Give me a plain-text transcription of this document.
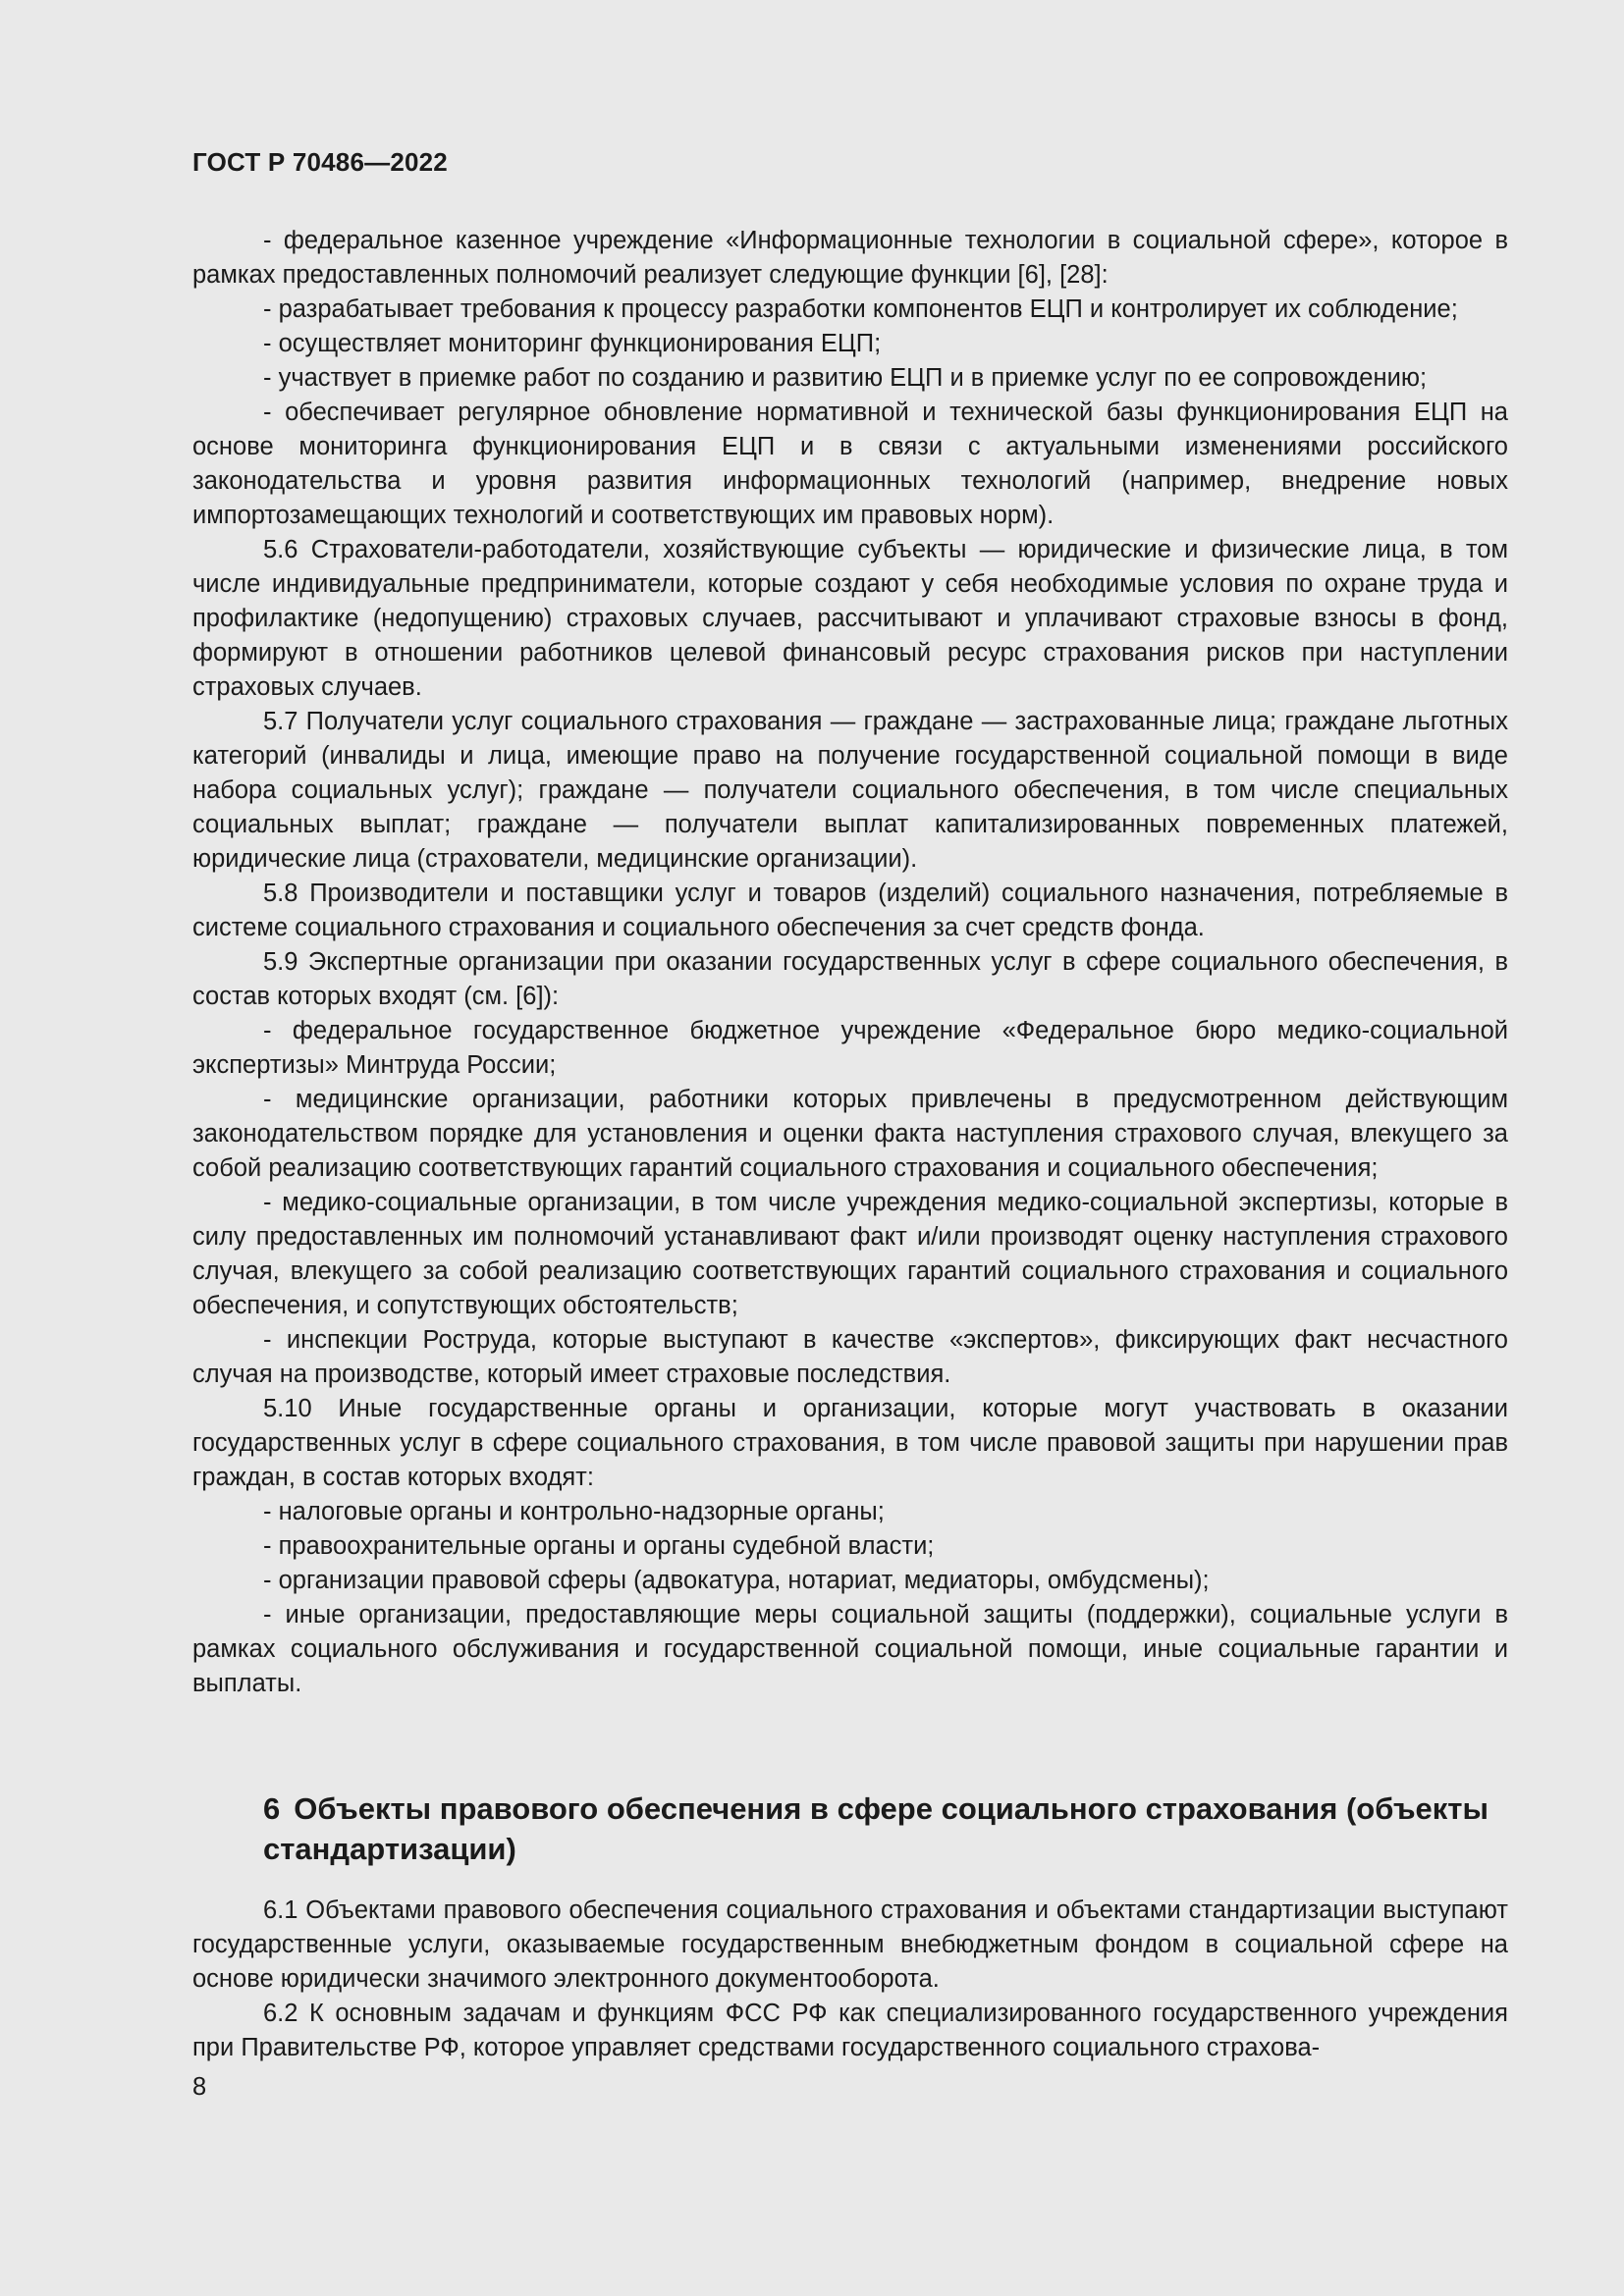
ГОСТ Р 70486—2022

- федеральное казенное учреждение «Информационные технологии в социальной сфере», которое в рамках предоставленных полномочий реализует следующие функции [6], [28]:

- разрабатывает требования к процессу разработки компонентов ЕЦП и контролирует их соблюдение;

- осуществляет мониторинг функционирования ЕЦП;

- участвует в приемке работ по созданию и развитию ЕЦП и в приемке услуг по ее сопровождению;

- обеспечивает регулярное обновление нормативной и технической базы функционирования ЕЦП на основе мониторинга функционирования ЕЦП и в связи с актуальными изменениями российского законодательства и уровня развития информационных технологий (например, внедрение новых импортозамещающих технологий и соответствующих им правовых норм).

5.6 Страхователи-работодатели, хозяйствующие субъекты — юридические и физические лица, в том числе индивидуальные предприниматели, которые создают у себя необходимые условия по охране труда и профилактике (недопущению) страховых случаев, рассчитывают и уплачивают страховые взносы в фонд, формируют в отношении работников целевой финансовый ресурс страхования рисков при наступлении страховых случаев.

5.7 Получатели услуг социального страхования — граждане — застрахованные лица; граждане льготных категорий (инвалиды и лица, имеющие право на получение государственной социальной помощи в виде набора социальных услуг); граждане — получатели социального обеспечения, в том числе специальных социальных выплат; граждане — получатели выплат капитализированных повременных платежей, юридические лица (страхователи, медицинские организации).

5.8 Производители и поставщики услуг и товаров (изделий) социального назначения, потребляемые в системе социального страхования и социального обеспечения за счет средств фонда.

5.9 Экспертные организации при оказании государственных услуг в сфере социального обеспечения, в состав которых входят (см. [6]):

- федеральное государственное бюджетное учреждение «Федеральное бюро медико-социальной экспертизы» Минтруда России;

- медицинские организации, работники которых привлечены в предусмотренном действующим законодательством порядке для установления и оценки факта наступления страхового случая, влекущего за собой реализацию соответствующих гарантий социального страхования и социального обеспечения;

- медико-социальные организации, в том числе учреждения медико-социальной экспертизы, которые в силу предоставленных им полномочий устанавливают факт и/или производят оценку наступления страхового случая, влекущего за собой реализацию соответствующих гарантий социального страхования и социального обеспечения, и сопутствующих обстоятельств;

- инспекции Роструда, которые выступают в качестве «экспертов», фиксирующих факт несчастного случая на производстве, который имеет страховые последствия.

5.10 Иные государственные органы и организации, которые могут участвовать в оказании государственных услуг в сфере социального страхования, в том числе правовой защиты при нарушении прав граждан, в состав которых входят:

- налоговые органы и контрольно-надзорные органы;

- правоохранительные органы и органы судебной власти;

- организации правовой сферы (адвокатура, нотариат, медиаторы, омбудсмены);

- иные организации, предоставляющие меры социальной защиты (поддержки), социальные услуги в рамках социального обслуживания и государственной социальной помощи, иные социальные гарантии и выплаты.

6 Объекты правового обеспечения в сфере социального страхования (объекты стандартизации)

6.1 Объектами правового обеспечения социального страхования и объектами стандартизации выступают государственные услуги, оказываемые государственным внебюджетным фондом в социальной сфере на основе юридически значимого электронного документооборота.

6.2 К основным задачам и функциям ФСС РФ как специализированного государственного учреждения при Правительстве РФ, которое управляет средствами государственного социального страхова-

8
